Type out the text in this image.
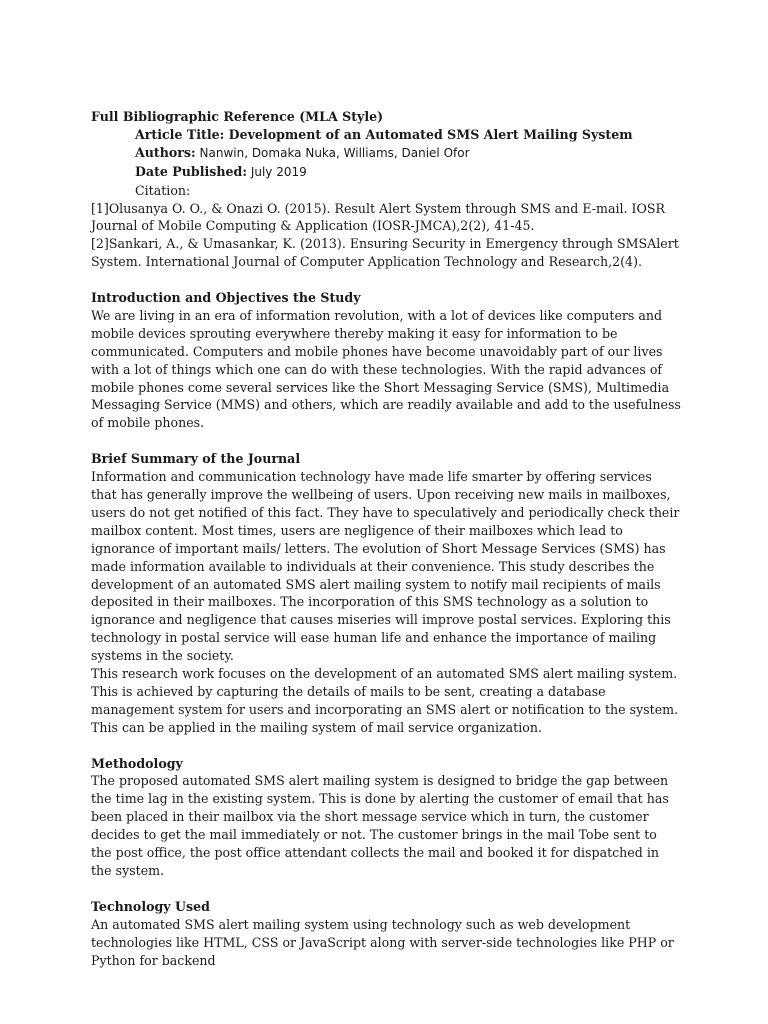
Full Bibliographic Reference (MLA Style)
Article Title: Development of an Automated SMS Alert Mailing System
Authors: Nanwin, Domaka Nuka, Williams, Daniel Ofor
Date Published: July 2019
Citation:

[1]Olusanya O. O., & Onazi O. (2015). Result Alert System through SMS and E-mail. IOSR Journal of Mobile Computing & Application (IOSR-JMCA),2(2), 41-45.

[2]Sankari, A., & Umasankar, K. (2013). Ensuring Security in Emergency through SMSAlert System. International Journal of Computer Application Technology and Research,2(4).

Introduction and Objectives the Study

We are living in an era of information revolution, with a lot of devices like computers and mobile devices sprouting everywhere thereby making it easy for information to be communicated. Computers and mobile phones have become unavoidably part of our lives with a lot of things which one can do with these technologies. With the rapid advances of mobile phones come several services like the Short Messaging Service (SMS), Multimedia Messaging Service (MMS) and others, which are readily available and add to the usefulness of mobile phones.

Brief Summary of the Journal

Information and communication technology have made life smarter by offering services that has generally improve the wellbeing of users. Upon receiving new mails in mailboxes, users do not get notified of this fact. They have to speculatively and periodically check their mailbox content. Most times, users are negligence of their mailboxes which lead to ignorance of important mails/ letters. The evolution of Short Message Services (SMS) has made information available to individuals at their convenience. This study describes the development of an automated SMS alert mailing system to notify mail recipients of mails deposited in their mailboxes. The incorporation of this SMS technology as a solution to ignorance and negligence that causes miseries will improve postal services. Exploring this technology in postal service will ease human life and enhance the importance of mailing systems in the society.

This research work focuses on the development of an automated SMS alert mailing system. This is achieved by capturing the details of mails to be sent, creating a database management system for users and incorporating an SMS alert or notification to the system. This can be applied in the mailing system of mail service organization.

Methodology

The proposed automated SMS alert mailing system is designed to bridge the gap between the time lag in the existing system. This is done by alerting the customer of email that has been placed in their mailbox via the short message service which in turn, the customer decides to get the mail immediately or not. The customer brings in the mail Tobe sent to the post office, the post office attendant collects the mail and booked it for dispatched in the system.

Technology Used

An automated SMS alert mailing system using technology such as web development technologies like HTML, CSS or JavaScript along with server-side technologies like PHP or Python for backend
